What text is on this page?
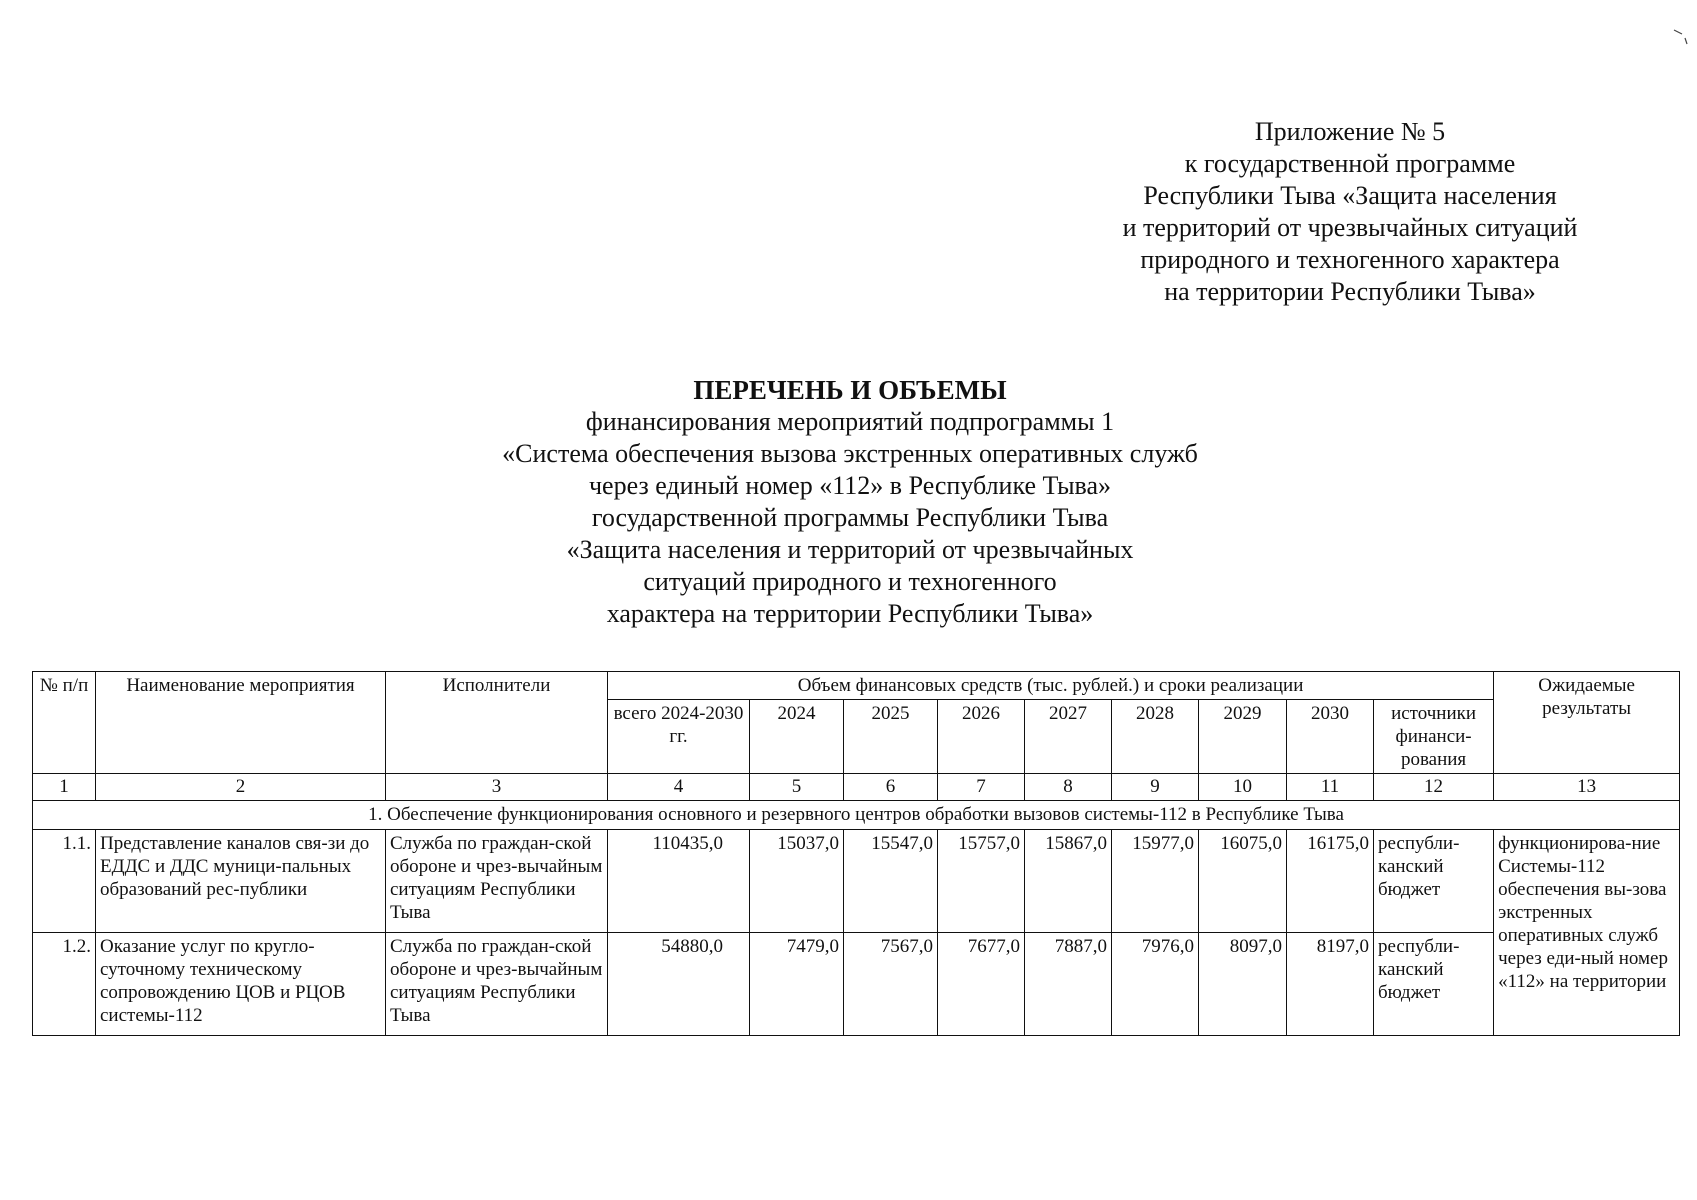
Приложение № 5
к государственной программе
Республики Тыва «Защита населения
и территорий от чрезвычайных ситуаций
природного и техногенного характера
на территории Республики Тыва»
ПЕРЕЧЕНЬ И ОБЪЕМЫ
финансирования мероприятий подпрограммы 1
«Система обеспечения вызова экстренных оперативных служб
через единый номер «112» в Республике Тыва»
государственной программы Республики Тыва
«Защита населения и территорий от чрезвычайных
ситуаций природного и техногенного
характера на территории Республики Тыва»
№ п/п	Наименование мероприятия	Исполнители	Объем финансовых средств (тыс. рублей.) и сроки реализации									Ожидаемые результаты
			всего 2024-2030 гг.	2024	2025	2026	2027	2028	2029	2030	источники финанси-рования	
1	2	3	4	5	6	7	8	9	10	11	12	13
1. Обеспечение функционирования основного и резервного центров обработки вызовов системы-112 в Республике Тыва												
1.1.	Представление каналов свя-зи до ЕДДС и ДДС муници-пальных образований рес-публики	Служба по граждан-ской обороне и чрез-вычайным ситуациям Республики Тыва	110435,0	15037,0	15547,0	15757,0	15867,0	15977,0	16075,0	16175,0	республи-канский бюджет	функционирова-ние Системы-112 обеспечения вы-зова экстренных оперативных служб через еди-ный номер «112» на территории
1.2.	Оказание услуг по кругло-суточному техническому сопровождению ЦОВ и РЦОВ системы-112	Служба по граждан-ской обороне и чрез-вычайным ситуациям Республики Тыва	54880,0	7479,0	7567,0	7677,0	7887,0	7976,0	8097,0	8197,0	республи-канский бюджет	
